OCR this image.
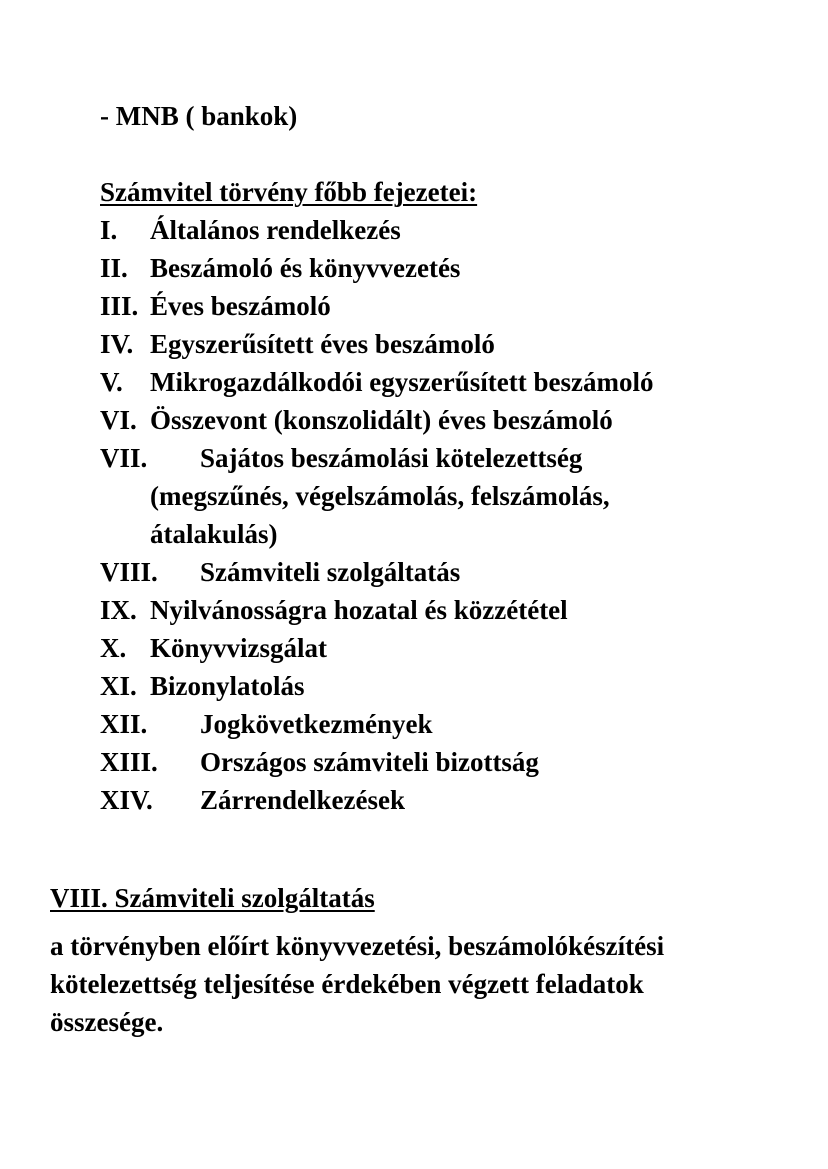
- MNB ( bankok)
Számvitel törvény főbb fejezetei:
I. Általános rendelkezés
II. Beszámoló és könyvvezetés
III. Éves beszámoló
IV. Egyszerűsített éves beszámoló
V. Mikrogazdálkodói egyszerűsített beszámoló
VI. Összevont (konszolidált) éves beszámoló
VII. Sajátos beszámolási kötelezettség
(megszűnés, végelszámolás, felszámolás,
átalakulás)
VIII. Számviteli szolgáltatás
IX. Nyilvánosságra hozatal és közzététel
X. Könyvvizsgálat
XI. Bizonylatolás
XII. Jogkövetkezmények
XIII. Országos számviteli bizottság
XIV. Zárrendelkezések
VIII. Számviteli szolgáltatás
a törvényben előírt könyvvezetési, beszámolókészítési
kötelezettség teljesítése érdekében végzett feladatok
összesége.
